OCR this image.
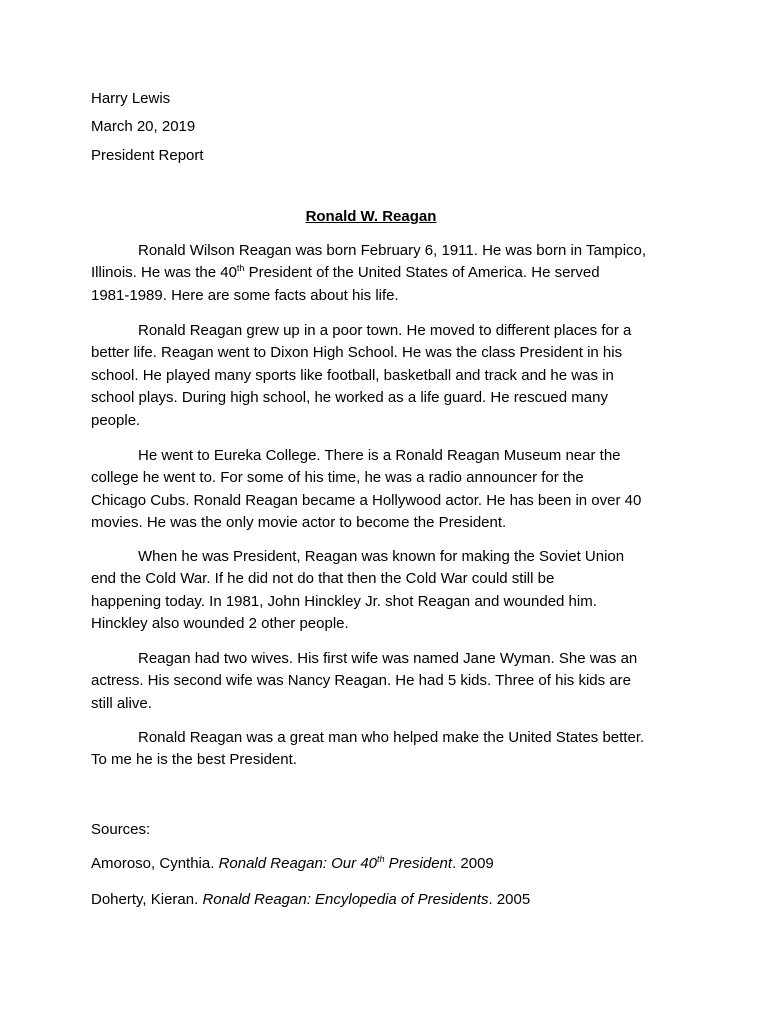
Harry Lewis

March 20, 2019

President Report

Ronald W. Reagan

Ronald Wilson Reagan was born February 6, 1911. He was born in Tampico,
Illinois. He was the 40th President of the United States of America. He served
1981-1989. Here are some facts about his life.
Ronald Reagan grew up in a poor town. He moved to different places for a
better life. Reagan went to Dixon High School. He was the class President in his
school. He played many sports like football, basketball and track and he was in
school plays. During high school, he worked as a life guard. He rescued many
people.
He went to Eureka College. There is a Ronald Reagan Museum near the
college he went to. For some of his time, he was a radio announcer for the
Chicago Cubs. Ronald Reagan became a Hollywood actor. He has been in over 40
movies. He was the only movie actor to become the President.
When he was President, Reagan was known for making the Soviet Union
end the Cold War. If he did not do that then the Cold War could still be
happening today. In 1981, John Hinckley Jr. shot Reagan and wounded him.
Hinckley also wounded 2 other people.
Reagan had two wives. His first wife was named Jane Wyman. She was an
actress. His second wife was Nancy Reagan. He had 5 kids. Three of his kids are
still alive.
Ronald Reagan was a great man who helped make the United States better.
To me he is the best President.

Sources:

Amoroso, Cynthia. Ronald Reagan: Our 40th President. 2009

Doherty, Kieran. Ronald Reagan: Encylopedia of Presidents. 2005
